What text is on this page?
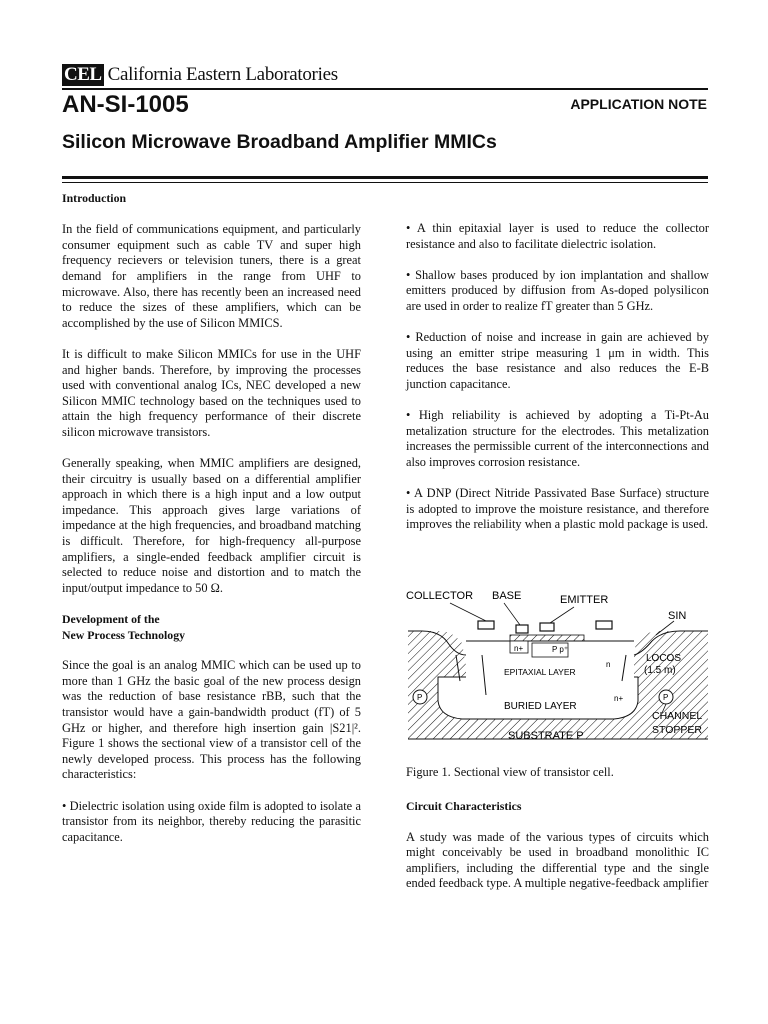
CEL California Eastern Laboratories
AN-SI-1005	APPLICATION NOTE
Silicon Microwave Broadband Amplifier MMICs

Introduction

In the field of communications equipment, and particularly consumer equipment such as cable TV and super high frequency recievers or television tuners, there is a great demand for amplifiers in the range from UHF to microwave. Also, there has recently been an increased need to reduce the sizes of these amplifiers, which can be accomplished by the use of Silicon MMICS.

It is difficult to make Silicon MMICs for use in the UHF and higher bands. Therefore, by improving the processes used with conventional analog ICs, NEC developed a new Silicon MMIC technology based on the techniques used to attain the high frequency performance of their discrete silicon microwave transistors.

Generally speaking, when MMIC amplifiers are designed, their circuitry is usually based on a differential amplifier approach in which there is a high input and a low output impedance. This approach gives large variations of impedance at the high frequencies, and broadband matching is difficult. Therefore, for high-frequency all-purpose amplifiers, a single-ended feedback amplifier circuit is selected to reduce noise and distortion and to match the input/output impedance to 50 Ω.

Development of the
New Process Technology

Since the goal is an analog MMIC which can be used up to more than 1 GHz the basic goal of the new process design was the reduction of base resistance rBB, such that the transistor would have a gain-bandwidth product (fT) of 5 GHz or higher, and therefore high insertion gain |S21|². Figure 1 shows the sectional view of a transistor cell of the newly developed process. This process has the following characteristics:

• Dielectric isolation using oxide film is adopted to isolate a transistor from its neighbor, thereby reducing the parasitic capacitance.

• A thin epitaxial layer is used to reduce the collector resistance and also to facilitate dielectric isolation.

• Shallow bases produced by ion implantation and shallow emitters produced by diffusion from As-doped polysilicon are used in order to realize fT greater than 5 GHz.

• Reduction of noise and increase in gain are achieved by using an emitter stripe measuring 1 μm in width. This reduces the base resistance and also reduces the E-B junction capacitance.

• High reliability is achieved by adopting a Ti-Pt-Au metalization structure for the electrodes. This metalization increases the permissible current of the interconnections and also improves corrosion resistance.

• A DNP (Direct Nitride Passivated Base Surface) structure is adopted to improve the moisture resistance, and therefore improves the reliability when a plastic mold package is used.

COLLECTOR BASE	EMITTER
SIN
n+	P p⁺
n
EPITAXIAL LAYER
LOCOS
(1.5 m)
P	P
n+
BURIED LAYER
CHANNEL
STOPPER
SUBSTRATE P
Figure 1. Sectional view of transistor cell.

Circuit Characteristics

A study was made of the various types of circuits which might conceivably be used in broadband monolithic IC amplifiers, including the differential type and the single ended feedback type. A multiple negative-feedback amplifier
